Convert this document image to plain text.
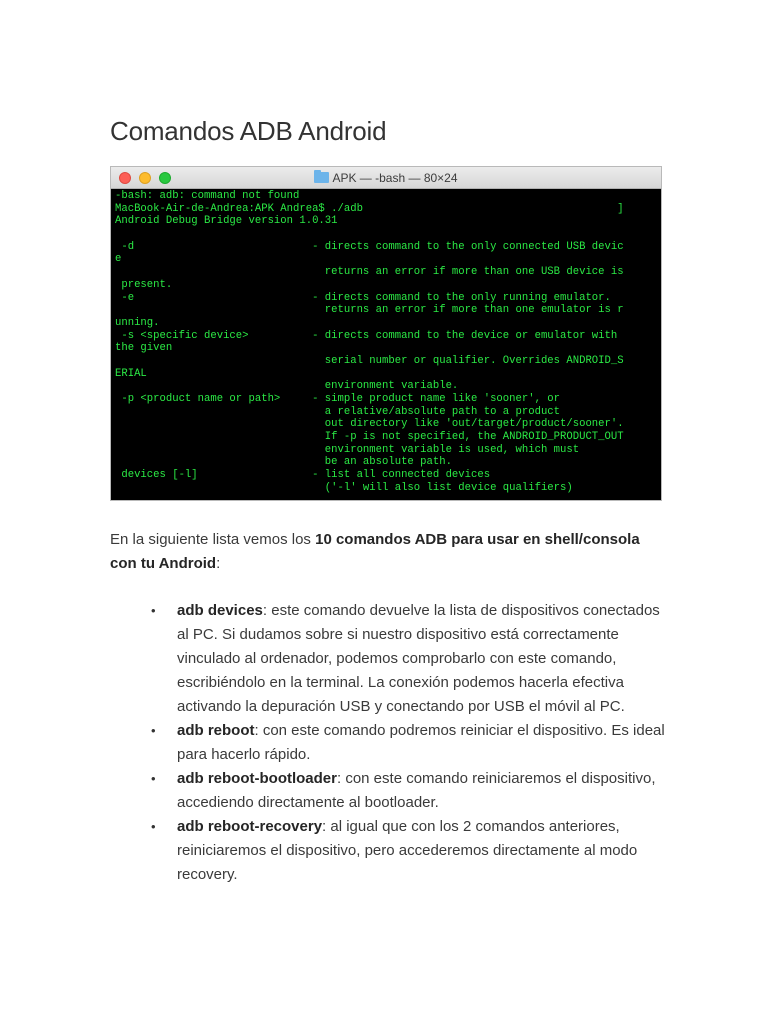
Comandos ADB Android
APK — -bash — 80×24
-bash: adb: command not found
MacBook-Air-de-Andrea:APK Andrea$ ./adb                                        ]
Android Debug Bridge version 1.0.31
-d                            - directs command to the only connected USB devic
e
returns an error if more than one USB device is
present.
-e                            - directs command to the only running emulator.
returns an error if more than one emulator is r
unning.
-s <specific device>          - directs command to the device or emulator with
the given
serial number or qualifier. Overrides ANDROID_S
ERIAL
environment variable.
-p <product name or path>     - simple product name like 'sooner', or
a relative/absolute path to a product
out directory like 'out/target/product/sooner'.
If -p is not specified, the ANDROID_PRODUCT_OUT
environment variable is used, which must
be an absolute path.
devices [-l]                  - list all connected devices
('-l' will also list device qualifiers)

En la siguiente lista vemos los 10 comandos ADB para usar en shell/consola con tu Android:

• adb devices: este comando devuelve la lista de dispositivos conectados al PC. Si dudamos sobre si nuestro dispositivo está correctamente vinculado al ordenador, podemos comprobarlo con este comando, escribiéndolo en la terminal. La conexión podemos hacerla efectiva activando la depuración USB y conectando por USB el móvil al PC.
• adb reboot: con este comando podremos reiniciar el dispositivo. Es ideal para hacerlo rápido.
• adb reboot-bootloader: con este comando reiniciaremos el dispositivo, accediendo directamente al bootloader.
• adb reboot-recovery: al igual que con los 2 comandos anteriores, reiniciaremos el dispositivo, pero accederemos directamente al modo recovery.
